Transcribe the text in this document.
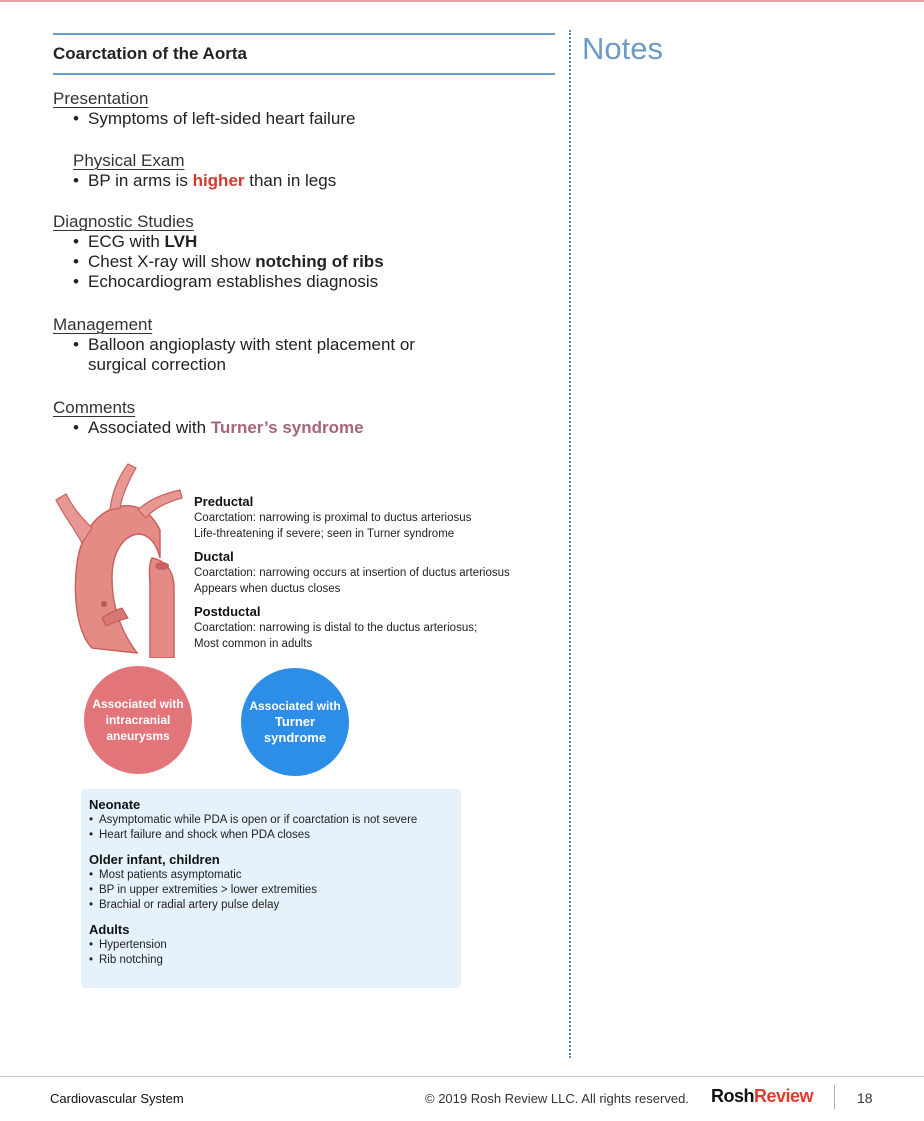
Coarctation of the Aorta
Presentation
• Symptoms of left-sided heart failure
Physical Exam
• BP in arms is higher than in legs
Diagnostic Studies
• ECG with LVH
• Chest X-ray will show notching of ribs
• Echocardiogram establishes diagnosis
Management
• Balloon angioplasty with stent placement or surgical correction
Comments
• Associated with Turner’s syndrome
Notes
Preductal
Coarctation: narrowing is proximal to ductus arteriosus
Life-threatening if severe; seen in Turner syndrome
Ductal
Coarctation: narrowing occurs at insertion of ductus arteriosus
Appears when ductus closes
Postductal
Coarctation: narrowing is distal to the ductus arteriosus;
Most common in adults
Associated with intracranial aneurysms
Associated with
Turner syndrome
Neonate
• Asymptomatic while PDA is open or if coarctation is not severe
• Heart failure and shock when PDA closes
Older infant, children
• Most patients asymptomatic
• BP in upper extremities > lower extremities
• Brachial or radial artery pulse delay
Adults
• Hypertension
• Rib notching
Cardiovascular System	© 2019 Rosh Review LLC. All rights reserved. RoshReview	18
